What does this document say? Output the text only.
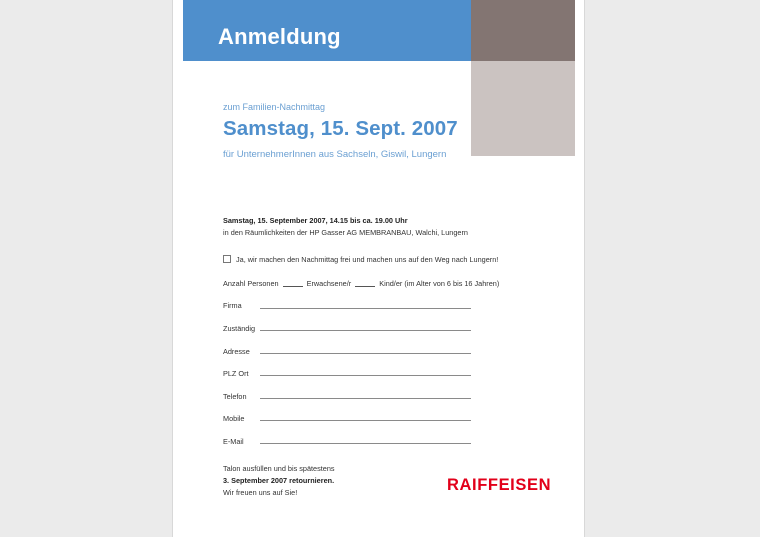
Anmeldung
zum Familien-Nachmittag
Samstag, 15. Sept. 2007
für UnternehmerInnen aus Sachseln, Giswil, Lungern
Samstag, 15. September 2007, 14.15 bis ca. 19.00 Uhr
in den Räumlichkeiten der HP Gasser AG MEMBRANBAU, Walchi, Lungern
Ja, wir machen den Nachmittag frei und machen uns auf den Weg nach Lungern!
Anzahl Personen	Erwachsene/r	Kind/er (im Alter von 6 bis 16 Jahren)
Firma
Zuständig
Adresse
PLZ Ort
Telefon
Mobile
E-Mail
Talon ausfüllen und bis spätestens
3. September 2007 retournieren.
Wir freuen uns auf Sie!	RAIFFEISEN
